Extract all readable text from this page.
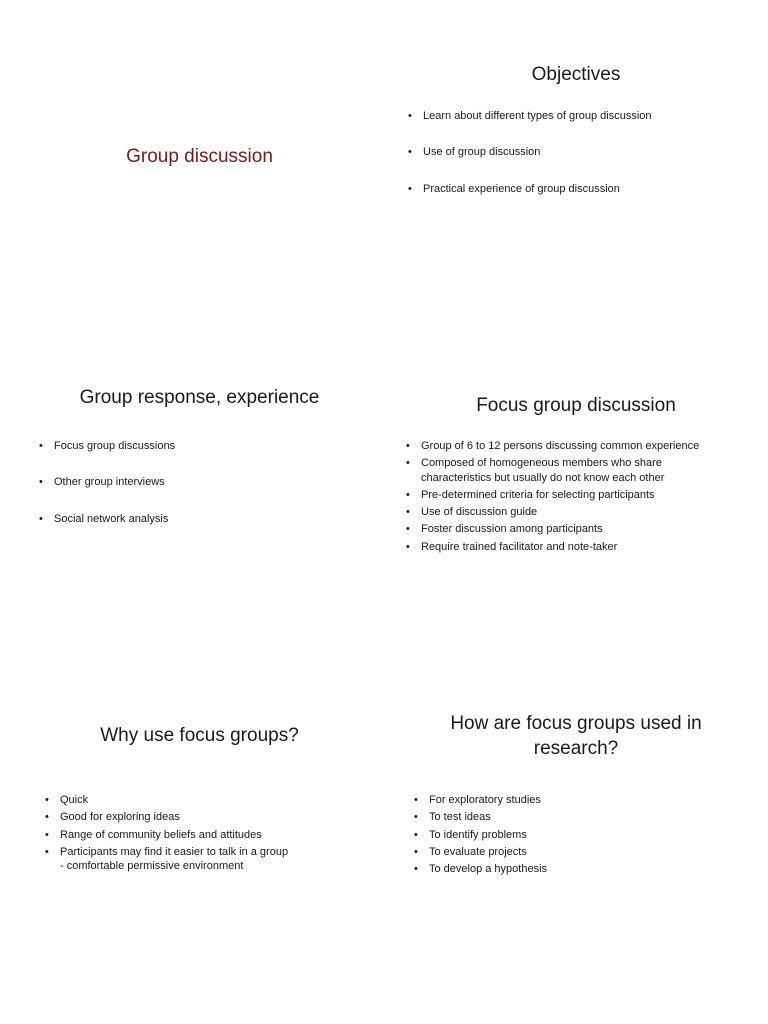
Group discussion
Objectives
• Learn about different types of group discussion
• Use of group discussion
• Practical experience of group discussion
Group response, experience
• Focus group discussions
• Other group interviews
• Social network analysis
Focus group discussion
• Group of 6 to 12 persons discussing common experience
• Composed of homogeneous members who share
characteristics but usually do not know each other
• Pre-determined criteria for selecting participants
• Use of discussion guide
• Foster discussion among participants
• Require trained facilitator and note-taker
Why use focus groups?
• Quick
• Good for exploring ideas
• Range of community beliefs and attitudes
• Participants may find it easier to talk in a group
- comfortable permissive environment
How are focus groups used in
research?
• For exploratory studies
• To test ideas
• To identify problems
• To evaluate projects
• To develop a hypothesis
